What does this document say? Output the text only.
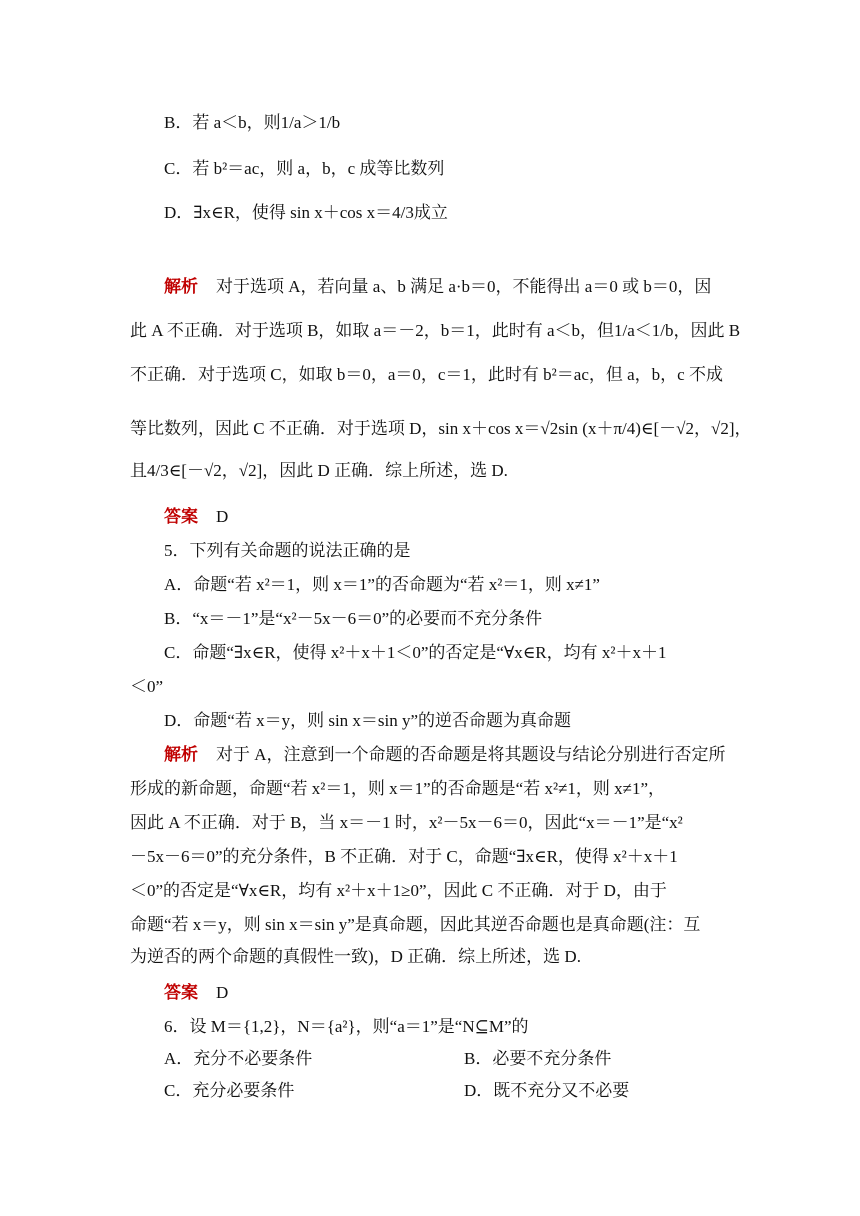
B．若 a＜b，则1/a＞1/b
C．若 b²＝ac，则 a，b，c 成等比数列
D．∃x∈R，使得 sin x＋cos x＝4/3成立
解析 对于选项 A，若向量 a、b 满足 a·b＝0，不能得出 a＝0 或 b＝0，因
此 A 不正确．对于选项 B，如取 a＝－2，b＝1，此时有 a＜b，但1/a＜1/b，因此 B
不正确．对于选项 C，如取 b＝0，a＝0，c＝1，此时有 b²＝ac，但 a，b，c 不成
等比数列，因此 C 不正确．对于选项 D，sin x＋cos x＝√2sin (x＋π/4)∈[－√2，√2]，
且4/3∈[－√2，√2]，因此 D 正确．综上所述，选 D.
答案 D
5．下列有关命题的说法正确的是
A．命题“若 x²＝1，则 x＝1”的否命题为“若 x²＝1，则 x≠1”
B．“x＝－1”是“x²－5x－6＝0”的必要而不充分条件
C．命题“∃x∈R，使得 x²＋x＋1＜0”的否定是“∀x∈R，均有 x²＋x＋1
＜0”
D．命题“若 x＝y，则 sin x＝sin y”的逆否命题为真命题
解析 对于 A，注意到一个命题的否命题是将其题设与结论分别进行否定所
形成的新命题，命题“若 x²＝1，则 x＝1”的否命题是“若 x²≠1，则 x≠1”，
因此 A 不正确．对于 B，当 x＝－1 时，x²－5x－6＝0，因此“x＝－1”是“x²
－5x－6＝0”的充分条件，B 不正确．对于 C，命题“∃x∈R，使得 x²＋x＋1
＜0”的否定是“∀x∈R，均有 x²＋x＋1≥0”，因此 C 不正确．对于 D，由于
命题“若 x＝y，则 sin x＝sin y”是真命题，因此其逆否命题也是真命题(注：互
为逆否的两个命题的真假性一致)，D 正确．综上所述，选 D.
答案 D
6．设 M＝{1,2}，N＝{a²}，则“a＝1”是“N⊆M”的
A．充分不必要条件	B．必要不充分条件
C．充分必要条件	D．既不充分又不必要
